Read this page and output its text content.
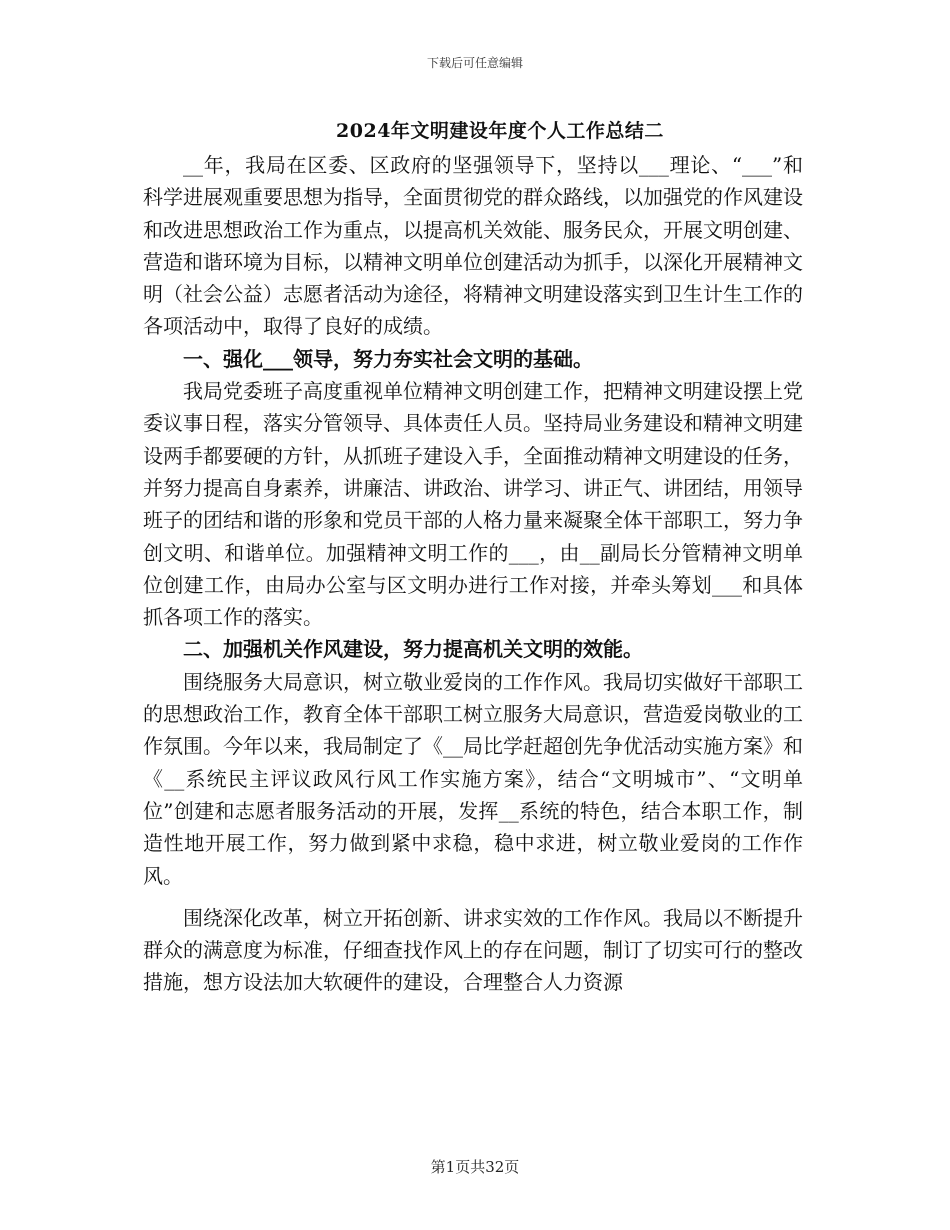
下载后可任意编辑
2024年文明建设年度个人工作总结二

__年，我局在区委、区政府的坚强领导下，坚持以___理论、“___”和科学进展观重要思想为指导，全面贯彻党的群众路线，以加强党的作风建设和改进思想政治工作为重点，以提高机关效能、服务民众，开展文明创建、营造和谐环境为目标，以精神文明单位创建活动为抓手，以深化开展精神文明（社会公益）志愿者活动为途径，将精神文明建设落实到卫生计生工作的各项活动中，取得了良好的成绩。

一、强化___领导，努力夯实社会文明的基础。

我局党委班子高度重视单位精神文明创建工作，把精神文明建设摆上党委议事日程，落实分管领导、具体责任人员。坚持局业务建设和精神文明建设两手都要硬的方针，从抓班子建设入手，全面推动精神文明建设的任务，并努力提高自身素养，讲廉洁、讲政治、讲学习、讲正气、讲团结，用领导班子的团结和谐的形象和党员干部的人格力量来凝聚全体干部职工，努力争创文明、和谐单位。加强精神文明工作的___，由__副局长分管精神文明单位创建工作，由局办公室与区文明办进行工作对接，并牵头筹划___和具体抓各项工作的落实。

二、加强机关作风建设，努力提高机关文明的效能。

围绕服务大局意识，树立敬业爱岗的工作作风。我局切实做好干部职工的思想政治工作，教育全体干部职工树立服务大局意识，营造爱岗敬业的工作氛围。今年以来，我局制定了《__局比学赶超创先争优活动实施方案》和《__系统民主评议政风行风工作实施方案》，结合“文明城市”、“文明单位”创建和志愿者服务活动的开展，发挥__系统的特色，结合本职工作，制造性地开展工作，努力做到紧中求稳，稳中求进，树立敬业爱岗的工作作风。

围绕深化改革，树立开拓创新、讲求实效的工作作风。我局以不断提升群众的满意度为标准，仔细查找作风上的存在问题，制订了切实可行的整改措施，想方设法加大软硬件的建设，合理整合人力资源

第1页共32页
